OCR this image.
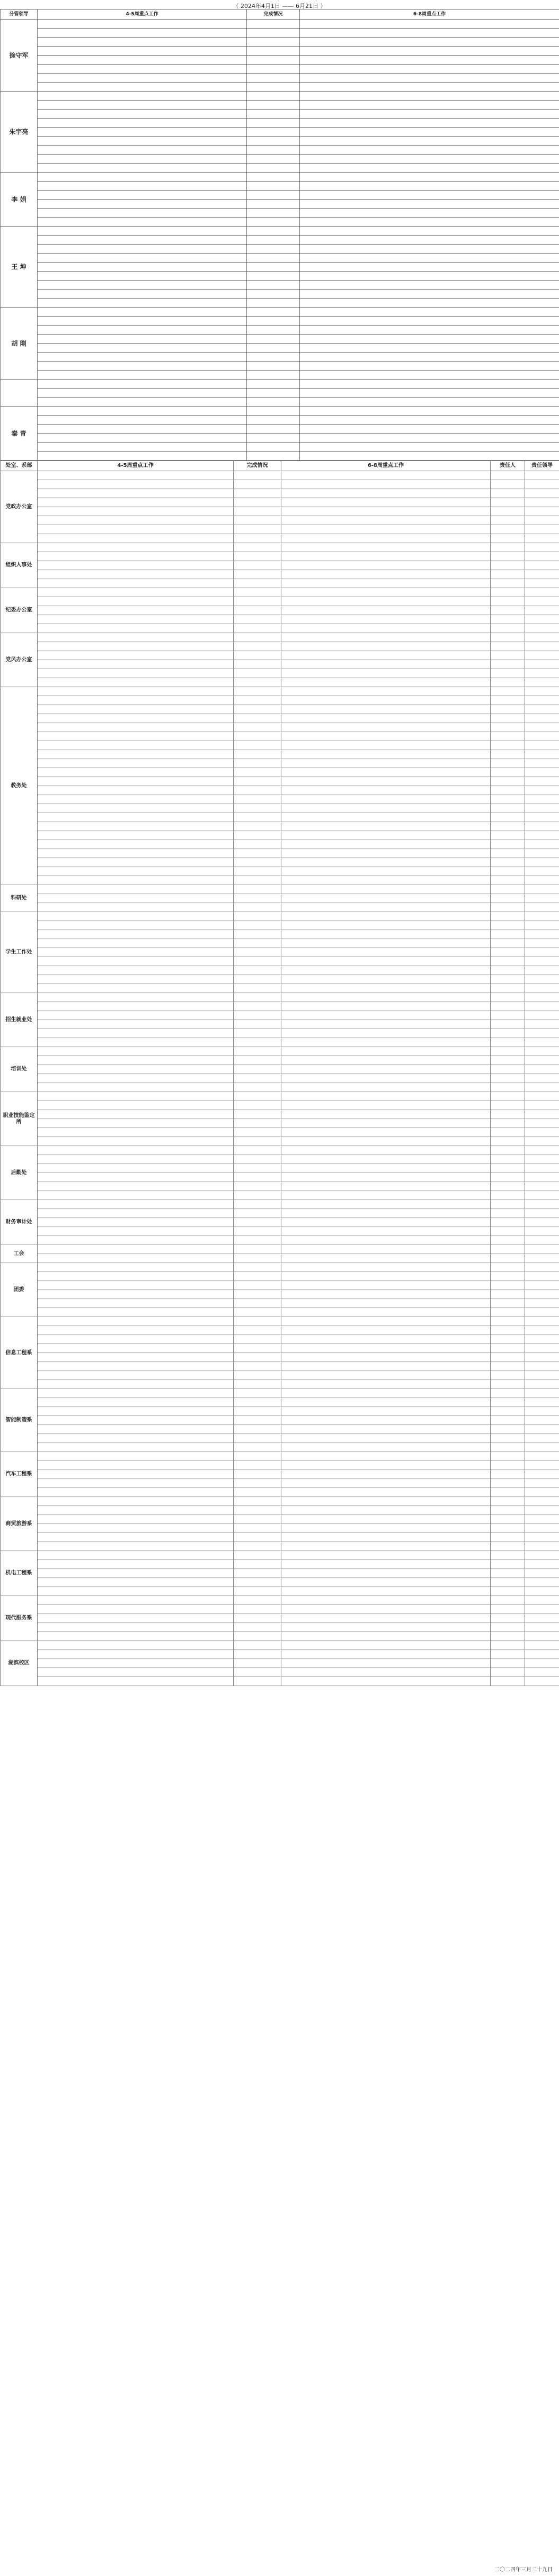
（ 2024年4月1日 —— 6月21日 ）
分管领导	4-5周重点工作	完成情况	6-8周重点工作
徐守军			

朱宇亮			

李 娟			

王 坤			

胡 刚			

秦 青			

处室、系部	4-5周重点工作	完成情况	6-8周重点工作	责任人	责任领导
党政办公室					

组织人事处					

纪委办公室					

党风办公室					

教务处					

科研处					

学生工作处					

招生就业处					

培训处					

职业技能鉴定所					

后勤处					

财务审计处					

工会					

团委					

信息工程系					

智能制造系					

汽车工程系					

商贸旅游系					

机电工程系					

现代服务系					

湖滨校区					

二〇二四年三月二十九日
